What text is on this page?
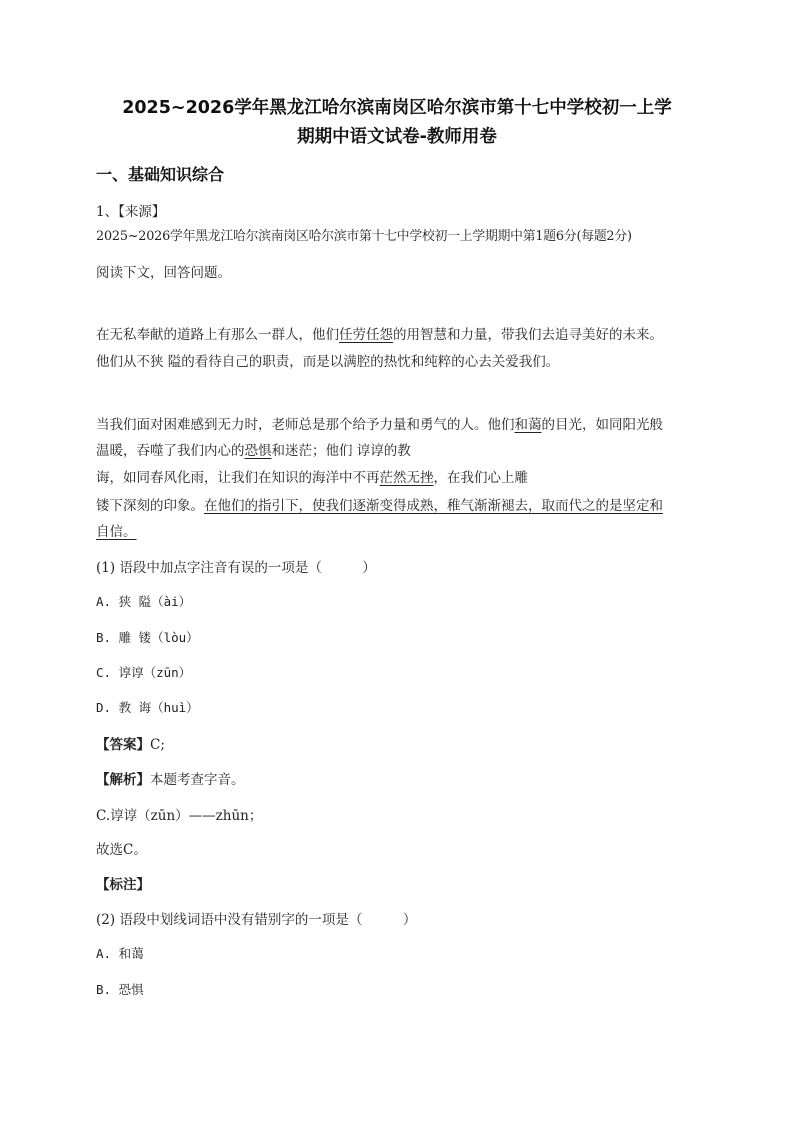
2025~2026学年黑龙江哈尔滨南岗区哈尔滨市第十七中学校初一上学
期期中语文试卷-教师用卷
一、基础知识综合
1、【来源】
2025~2026学年黑龙江哈尔滨南岗区哈尔滨市第十七中学校初一上学期期中第1题6分(每题2分)
阅读下文，回答问题。
在无私奉献的道路上有那么一群人，他们任劳任怨的用智慧和力量，带我们去追寻美好的未来。
他们从不狭 隘的看待自己的职责，而是以满腔的热忱和纯粹的心去关爱我们。
当我们面对困难感到无力时，老师总是那个给予力量和勇气的人。他们和蔼的目光，如同阳光般
温暖，吞噬了我们内心的恐惧和迷茫；他们 谆谆的教
诲，如同春风化雨，让我们在知识的海洋中不再茫然无挫，在我们心上雕
镂下深刻的印象。在他们的指引下，使我们逐渐变得成熟，稚气渐渐褪去，取而代之的是坚定和
自信。
(1) 语段中加点字注音有误的一项是（　　　）
A. 狭 隘（ài）
B. 雕 镂（lòu）
C. 谆谆（zūn）
D. 教 诲（huì）
【答案】C;
【解析】本题考查字音。
C.谆谆（zūn）——zhūn；
故选C。
【标注】
(2) 语段中划线词语中没有错别字的一项是（　　　）
A. 和蔼
B. 恐惧
